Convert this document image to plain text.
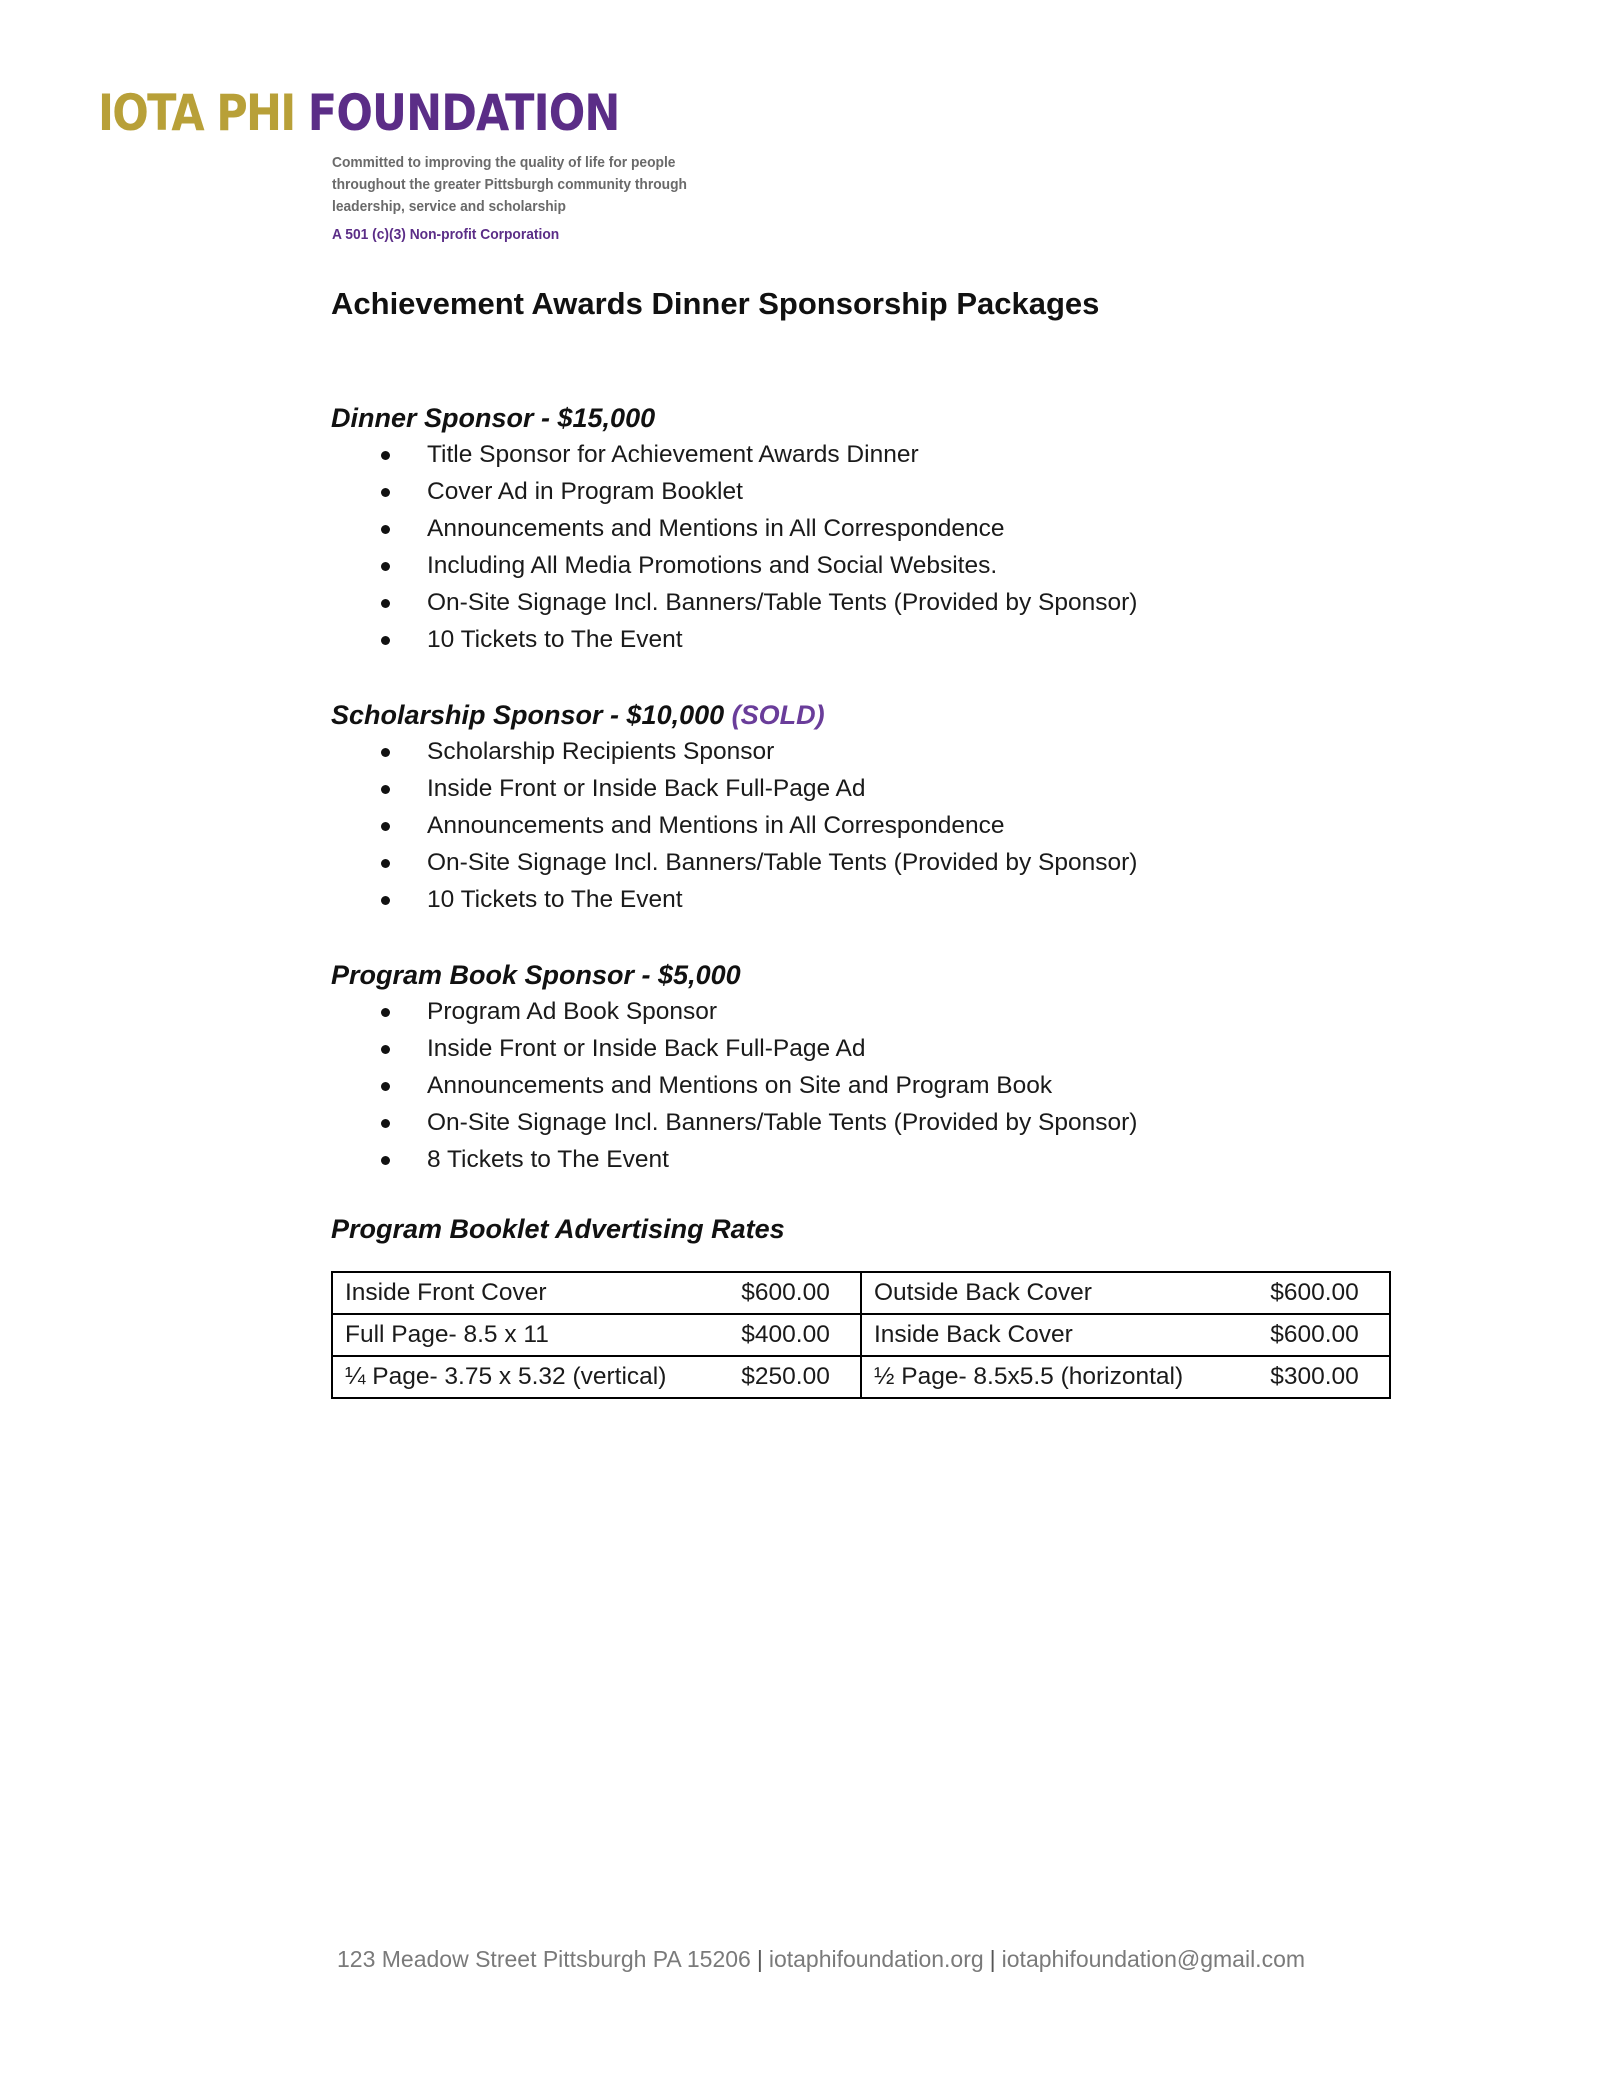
IOTA PHI FOUNDATION
Committed to improving the quality of life for people
throughout the greater Pittsburgh community through
leadership, service and scholarship
A 501 (c)(3) Non-profit Corporation
Achievement Awards Dinner Sponsorship Packages
Dinner Sponsor - $15,000
Title Sponsor for Achievement Awards Dinner
Cover Ad in Program Booklet
Announcements and Mentions in All Correspondence
Including All Media Promotions and Social Websites.
On-Site Signage Incl. Banners/Table Tents (Provided by Sponsor)
10 Tickets to The Event
Scholarship Sponsor - $10,000 (SOLD)
Scholarship Recipients Sponsor
Inside Front or Inside Back Full-Page Ad
Announcements and Mentions in All Correspondence
On-Site Signage Incl. Banners/Table Tents (Provided by Sponsor)
10 Tickets to The Event
Program Book Sponsor - $5,000
Program Ad Book Sponsor
Inside Front or Inside Back Full-Page Ad
Announcements and Mentions on Site and Program Book
On-Site Signage Incl. Banners/Table Tents (Provided by Sponsor)
8 Tickets to The Event
Program Booklet Advertising Rates
Inside Front Cover	$600.00	Outside Back Cover	$600.00
Full Page- 8.5 x 11	$400.00	Inside Back Cover	$600.00
¼ Page- 3.75 x 5.32 (vertical)	$250.00	½ Page- 8.5x5.5 (horizontal)	$300.00
123 Meadow Street Pittsburgh PA 15206 | iotaphifoundation.org | iotaphifoundation@gmail.com
